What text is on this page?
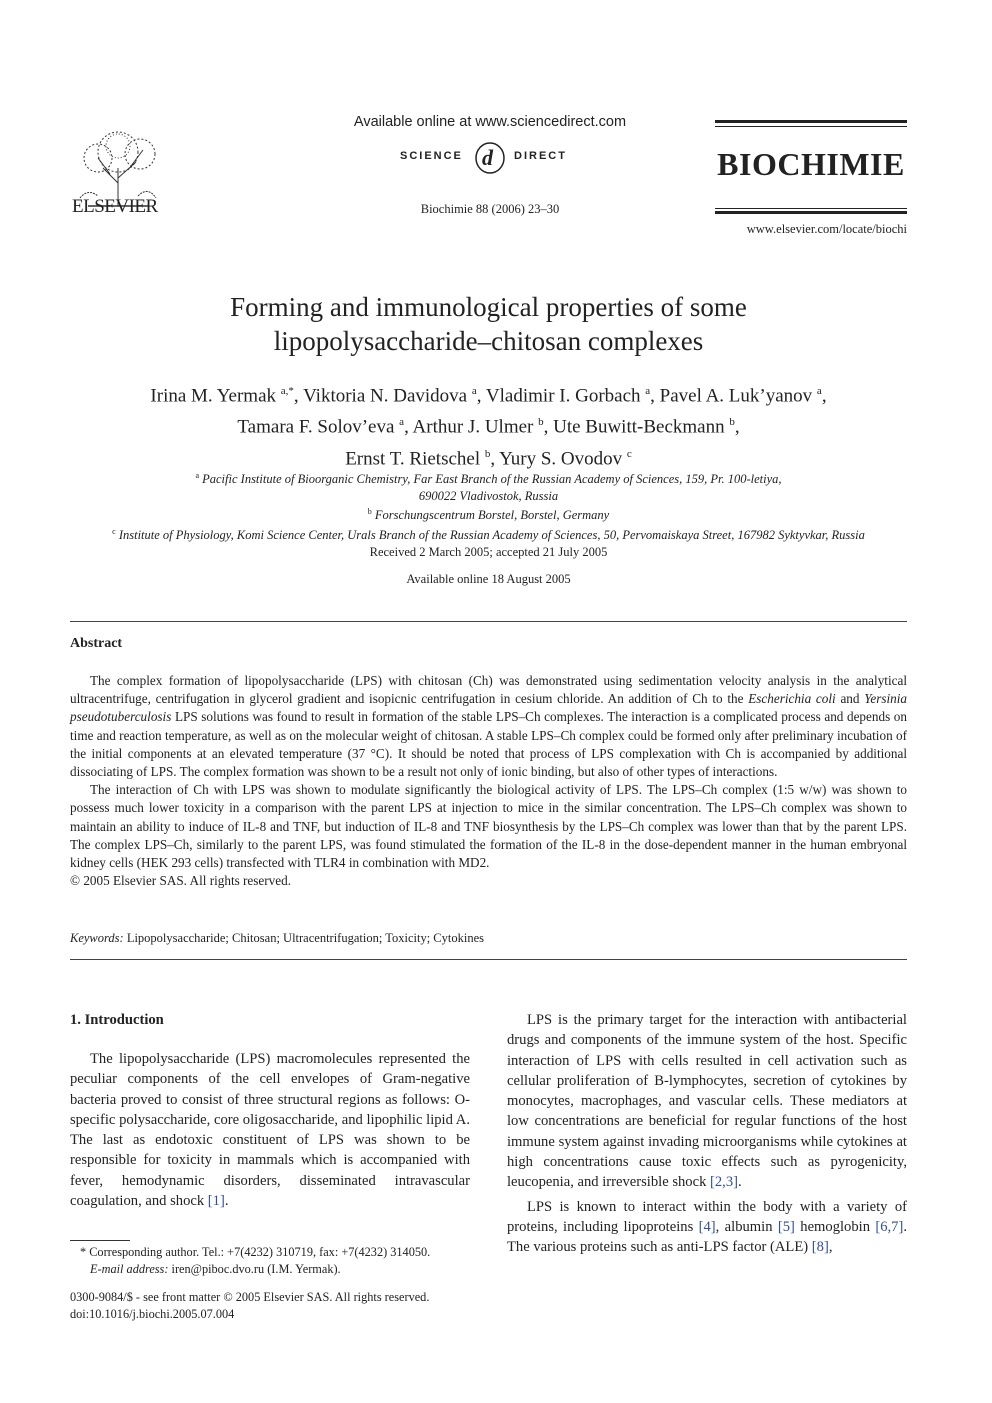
ELSEVIER
Available online at www.sciencedirect.com
SCIENCE d DIRECT
Biochimie 88 (2006) 23–30
BIOCHIMIE
www.elsevier.com/locate/biochi
Forming and immunological properties of some
lipopolysaccharide–chitosan complexes
Irina M. Yermak $^{a,*}$, Viktoria N. Davidova $^a$, Vladimir I. Gorbach $^a$, Pavel A. Luk’yanov $^a$,
Tamara F. Solov’eva $^a$, Arthur J. Ulmer $^b$, Ute Buwitt-Beckmann $^b$,
Ernst T. Rietschel $^b$, Yury S. Ovodov $^c$
$^a$ Pacific Institute of Bioorganic Chemistry, Far East Branch of the Russian Academy of Sciences, 159, Pr. 100-letiya,
690022 Vladivostok, Russia
$^b$ Forschungscentrum Borstel, Borstel, Germany
$^c$ Institute of Physiology, Komi Science Center, Urals Branch of the Russian Academy of Sciences, 50, Pervomaiskaya Street, 167982 Syktyvkar, Russia
Received 2 March 2005; accepted 21 July 2005
Available online 18 August 2005
Abstract

The complex formation of lipopolysaccharide (LPS) with chitosan (Ch) was demonstrated using sedimentation velocity analysis in the analytical ultracentrifuge, centrifugation in glycerol gradient and isopicnic centrifugation in cesium chloride. An addition of Ch to the Escherichia coli and Yersinia pseudotuberculosis LPS solutions was found to result in formation of the stable LPS–Ch complexes. The interaction is a complicated process and depends on time and reaction temperature, as well as on the molecular weight of chitosan. A stable LPS–Ch complex could be formed only after preliminary incubation of the initial components at an elevated temperature (37 °C). It should be noted that process of LPS complexation with Ch is accompanied by additional dissociating of LPS. The complex formation was shown to be a result not only of ionic binding, but also of other types of interactions.

The interaction of Ch with LPS was shown to modulate significantly the biological activity of LPS. The LPS–Ch complex (1:5 w/w) was shown to possess much lower toxicity in a comparison with the parent LPS at injection to mice in the similar concentration. The LPS–Ch complex was shown to maintain an ability to induce of IL-8 and TNF, but induction of IL-8 and TNF biosynthesis by the LPS–Ch complex was lower than that by the parent LPS. The complex LPS–Ch, similarly to the parent LPS, was found stimulated the formation of the IL-8 in the dose-dependent manner in the human embryonal kidney cells (HEK 293 cells) transfected with TLR4 in combination with MD2.

© 2005 Elsevier SAS. All rights reserved.

Keywords: Lipopolysaccharide; Chitosan; Ultracentrifugation; Toxicity; Cytokines
1. Introduction

The lipopolysaccharide (LPS) macromolecules represented the peculiar components of the cell envelopes of Gram-negative bacteria proved to consist of three structural regions as follows: O-specific polysaccharide, core oligosaccharide, and lipophilic lipid A. The last as endotoxic constituent of LPS was shown to be responsible for toxicity in mammals which is accompanied with fever, hemodynamic disorders, disseminated intravascular coagulation, and shock [1].

LPS is the primary target for the interaction with antibacterial drugs and components of the immune system of the host. Specific interaction of LPS with cells resulted in cell activation such as cellular proliferation of B-lymphocytes, secretion of cytokines by monocytes, macrophages, and vascular cells. These mediators at low concentrations are beneficial for regular functions of the host immune system against invading microorganisms while cytokines at high concentrations cause toxic effects such as pyrogenicity, leucopenia, and irreversible shock [2,3].

LPS is known to interact within the body with a variety of proteins, including lipoproteins [4], albumin [5] hemoglobin [6,7]. The various proteins such as anti-LPS factor (ALE) [8],

* Corresponding author. Tel.: +7(4232) 310719, fax: +7(4232) 314050.
E-mail address: iren@piboc.dvo.ru (I.M. Yermak).
0300-9084/$ - see front matter © 2005 Elsevier SAS. All rights reserved.
doi:10.1016/j.biochi.2005.07.004
